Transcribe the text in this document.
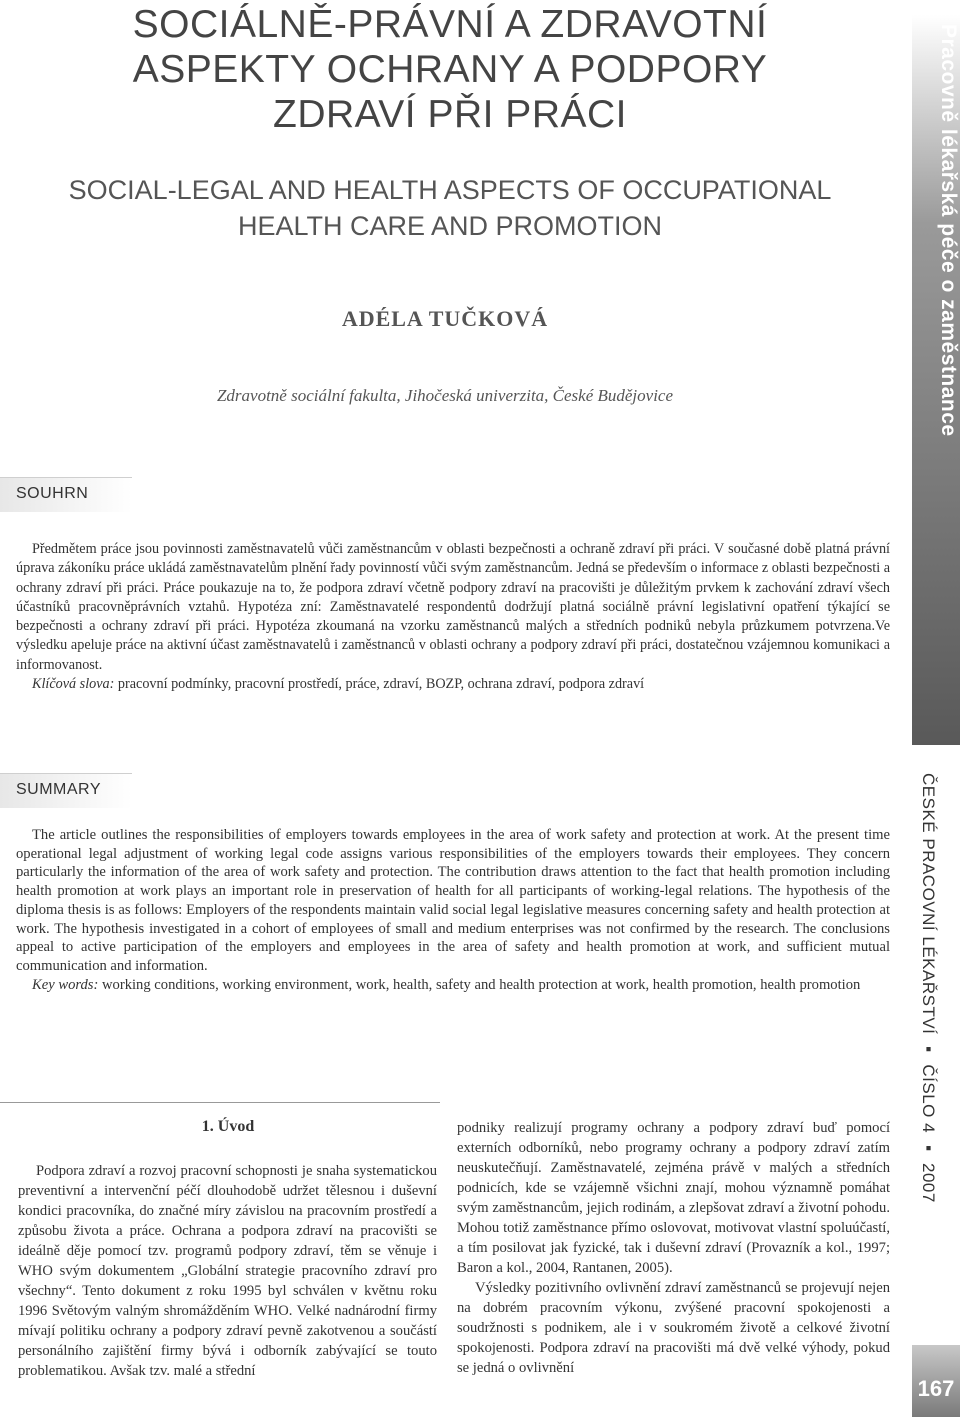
SOCIÁLNĚ-PRÁVNÍ A ZDRAVOTNÍ ASPEKTY OCHRANY A PODPORY ZDRAVÍ PŘI PRÁCI
SOCIAL-LEGAL AND HEALTH ASPECTS OF OCCUPATIONAL HEALTH CARE AND PROMOTION
ADÉLA TUČKOVÁ
Zdravotně sociální fakulta, Jihočeská univerzita, České Budějovice
SOUHRN

Předmětem práce jsou povinnosti zaměstnavatelů vůči zaměstnancům v oblasti bezpečnosti a ochraně zdraví při práci. V současné době platná právní úprava zákoníku práce ukládá zaměstnavatelům plnění řady povinností vůči svým zaměstnancům. Jedná se především o informace z oblasti bezpečnosti a ochrany zdraví při práci. Práce poukazuje na to, že podpora zdraví včetně podpory zdraví na pracovišti je důležitým prvkem k zachování zdraví všech účastníků pracovněprávních vztahů. Hypotéza zní: Zaměstnavatelé respondentů dodržují platná sociálně právní legislativní opatření týkající se bezpečnosti a ochrany zdraví při práci. Hypotéza zkoumaná na vzorku zaměstnanců malých a středních podniků nebyla průzkumem potvrzena.Ve výsledku apeluje práce na aktivní účast zaměstnavatelů i zaměstnanců v oblasti ochrany a podpory zdraví při práci, dostatečnou vzájemnou komunikaci a informovanost.

Klíčová slova: pracovní podmínky, pracovní prostředí, práce, zdraví, BOZP, ochrana zdraví, podpora zdraví

SUMMARY

The article outlines the responsibilities of employers towards employees in the area of work safety and protection at work. At the present time operational legal adjustment of working legal code assigns various responsibilities of the employers towards their employees. They concern particularly the information of the area of work safety and protection. The contribution draws attention to the fact that health promotion including health promotion at work plays an important role in preservation of health for all participants of working-legal relations. The hypothesis of the diploma thesis is as follows: Employers of the respondents maintain valid social legal legislative measures concerning safety and health protection at work. The hypothesis investigated in a cohort of employees of small and medium enterprises was not confirmed by the research. The conclusions appeal to active participation of the employers and employees in the area of safety and health promotion at work, and sufficient mutual communication and information.

Key words: working conditions, working environment, work, health, safety and health protection at work, health promotion, health promotion

1. Úvod

Podpora zdraví a rozvoj pracovní schopnosti je snaha systematickou preventivní a intervenční péčí dlouhodobě udržet tělesnou i duševní kondici pracovníka, do značné míry závislou na pracovním prostředí a způsobu života a práce. Ochrana a podpora zdraví na pracovišti se ideálně děje pomocí tzv. programů podpory zdraví, těm se věnuje i WHO svým dokumentem „Globální strategie pracovního zdraví pro všechny“. Tento dokument z roku 1995 byl schválen v květnu roku 1996 Světovým valným shromážděním WHO. Velké nadnárodní firmy mívají politiku ochrany a podpory zdraví pevně zakotvenou a součástí personálního zajištění firmy bývá i odborník zabývající se touto problematikou. Avšak tzv. malé a střední

podniky realizují programy ochrany a podpory zdraví buď pomocí externích odborníků, nebo programy ochrany a podpory zdraví zatím neuskutečňují. Zaměstnavatelé, zejména právě v malých a středních podnicích, kde se vzájemně všichni znají, mohou významně pomáhat svým zaměstnancům, jejich rodinám, a zlepšovat zdraví a životní pohodu. Mohou totiž zaměstnance přímo oslovovat, motivovat vlastní spoluúčastí, a tím posilovat jak fyzické, tak i duševní zdraví (Provazník a kol., 1997; Baron a kol., 2004, Rantanen, 2005).

Výsledky pozitivního ovlivnění zdraví zaměstnanců se projevují nejen na dobrém pracovním výkonu, zvýšené pracovní spokojenosti a soudržnosti s podnikem, ale i v soukromém životě a celkové životní spokojenosti. Podpora zdraví na pracovišti má dvě velké výhody, pokud se jedná o ovlivnění

Pracovně lékařská péče o zaměstnance
ČESKÉ PRACOVNÍ LÉKAŘSTVÍ ▪ ČÍSLO 4 ▪ 2007
167
